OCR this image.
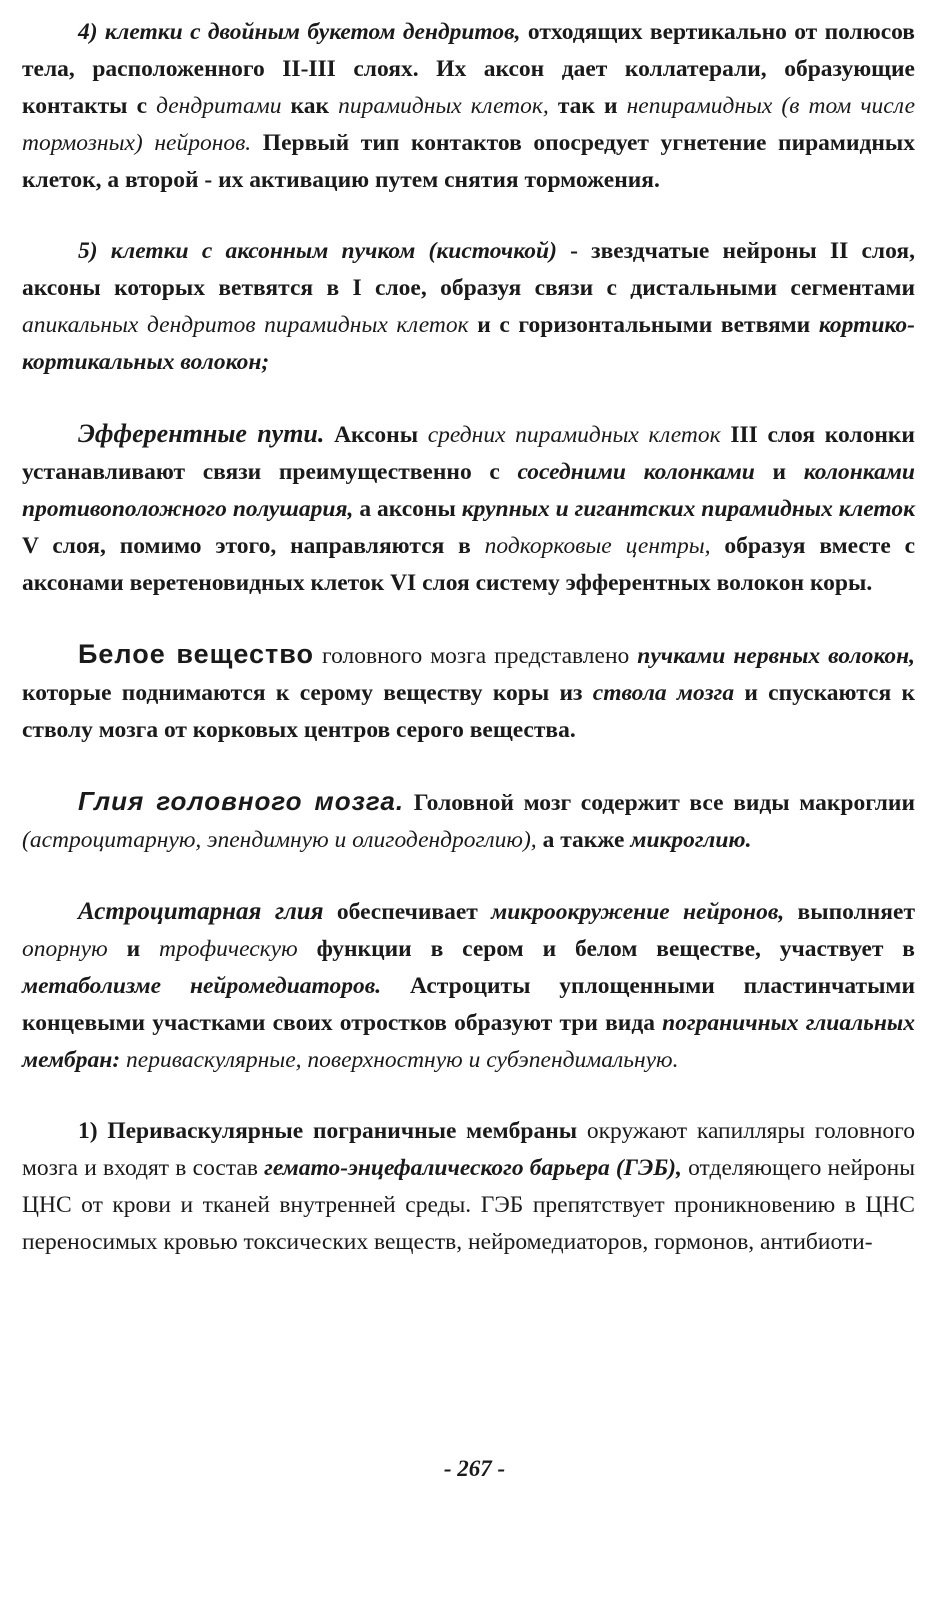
4) клетки с двойным букетом дендритов, отходящих вертикально от полюсов тела, расположенного II-III слоях. Их аксон дает коллатерали, образующие контакты с дендритами как пирамидных клеток, так и непирамидных (в том числе тормозных) нейронов. Первый тип контактов опосредует угнетение пирамидных клеток, а второй - их активацию путем снятия торможения.

5) клетки с аксонным пучком (кисточкой) - звездчатые нейроны II слоя, аксоны которых ветвятся в I слое, образуя связи с дистальными сегментами апикальных дендритов пирамидных клеток и с горизонтальными ветвями кортико-кортикальных волокон;

Эфферентные пути. Аксоны средних пирамидных клеток III слоя колонки устанавливают связи преимущественно с соседними колонками и колонками противоположного полушария, а аксоны крупных и гигантских пирамидных клеток V слоя, помимо этого, направляются в подкорковые центры, образуя вместе с аксонами веретеновидных клеток VI слоя систему эфферентных волокон коры.

Белое вещество головного мозга представлено пучками нервных волокон, которые поднимаются к серому веществу коры из ствола мозга и спускаются к стволу мозга от корковых центров серого вещества.

Глия головного мозга. Головной мозг содержит все виды макроглии (астроцитарную, эпендимную и олигодендроглию), а также микроглию.

Астроцитарная глия обеспечивает микроокружение нейронов, выполняет опорную и трофическую функции в сером и белом веществе, участвует в метаболизме нейромедиаторов. Астроциты уплощенными пластинчатыми концевыми участками своих отростков образуют три вида пограничных глиальных мембран: периваскулярные, поверхностную и субэпендимальную.

1) Периваскулярные пограничные мембраны окружают капилляры головного мозга и входят в состав гемато-энцефалического барьера (ГЭБ), отделяющего нейроны ЦНС от крови и тканей внутренней среды. ГЭБ препятствует проникновению в ЦНС переносимых кровью токсических веществ, нейромедиаторов, гормонов, антибиоти-

- 267 -
